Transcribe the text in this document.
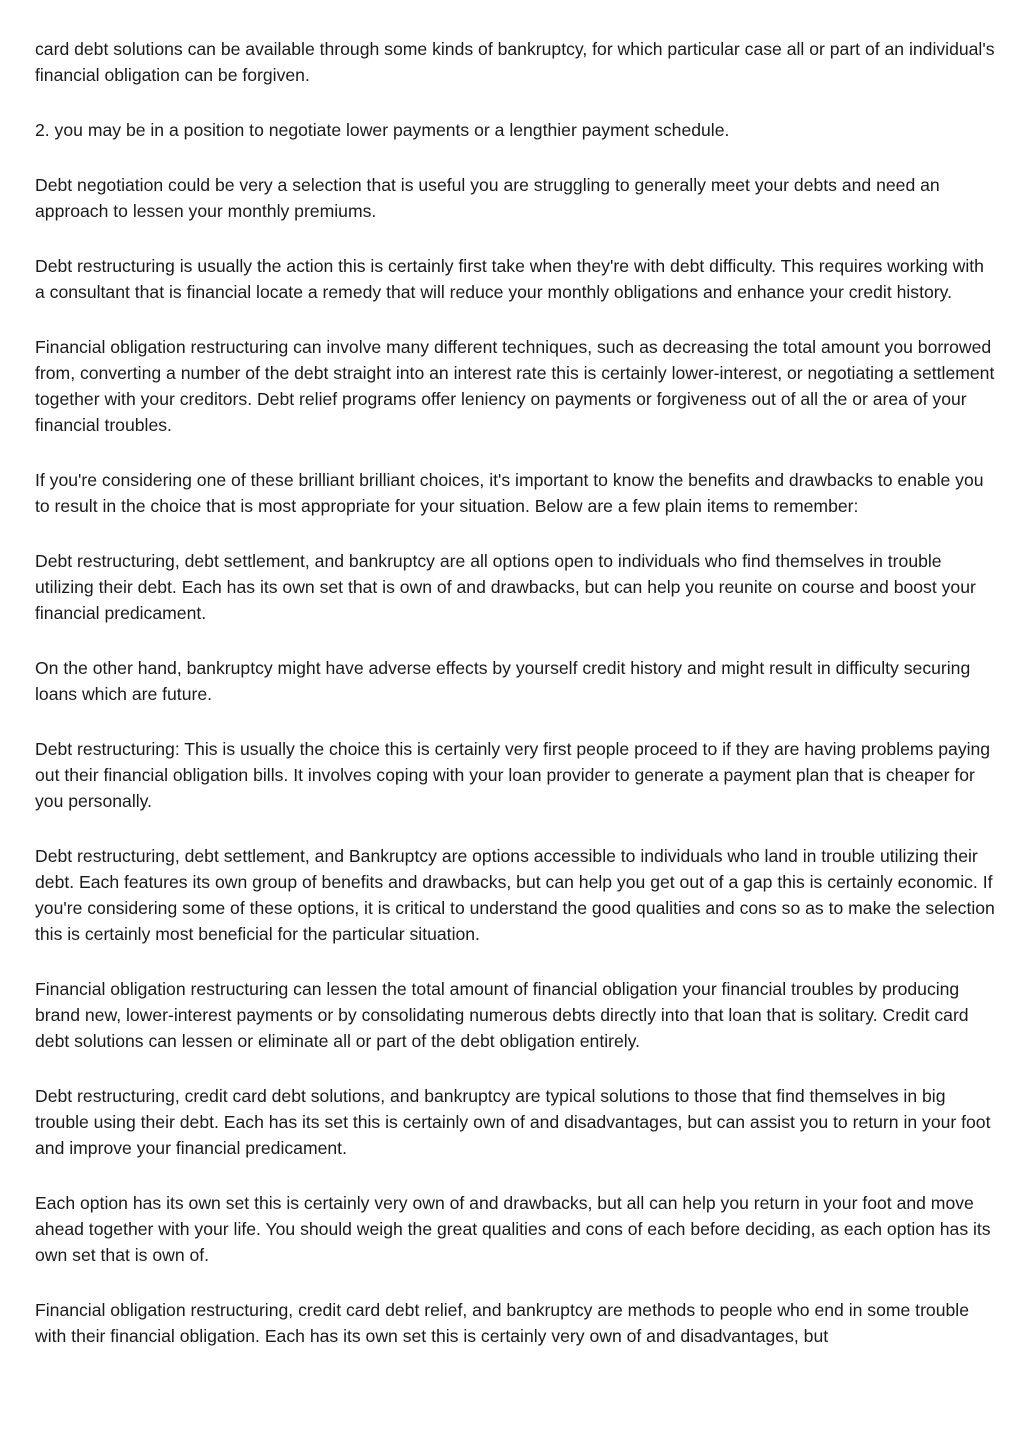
card debt solutions can be available through some kinds of bankruptcy, for which particular case all or part of an individual's financial obligation can be forgiven.

2. you may be in a position to negotiate lower payments or a lengthier payment schedule.

Debt negotiation could be very a selection that is useful you are struggling to generally meet your debts and need an approach to lessen your monthly premiums.

Debt restructuring is usually the action this is certainly first take when they're with debt difficulty. This requires working with a consultant that is financial locate a remedy that will reduce your monthly obligations and enhance your credit history.

Financial obligation restructuring can involve many different techniques, such as decreasing the total amount you borrowed from, converting a number of the debt straight into an interest rate this is certainly lower-interest, or negotiating a settlement together with your creditors. Debt relief programs offer leniency on payments or forgiveness out of all the or area of your financial troubles.

If you're considering one of these brilliant brilliant choices, it's important to know the benefits and drawbacks to enable you to result in the choice that is most appropriate for your situation. Below are a few plain items to remember:

Debt restructuring, debt settlement, and bankruptcy are all options open to individuals who find themselves in trouble utilizing their debt. Each has its own set that is own of and drawbacks, but can help you reunite on course and boost your financial predicament.

On the other hand, bankruptcy might have adverse effects by yourself credit history and might result in difficulty securing loans which are future.

Debt restructuring: This is usually the choice this is certainly very first people proceed to if they are having problems paying out their financial obligation bills. It involves coping with your loan provider to generate a payment plan that is cheaper for you personally.

Debt restructuring, debt settlement, and Bankruptcy are options accessible to individuals who land in trouble utilizing their debt. Each features its own group of benefits and drawbacks, but can help you get out of a gap this is certainly economic. If you're considering some of these options, it is critical to understand the good qualities and cons so as to make the selection this is certainly most beneficial for the particular situation.

Financial obligation restructuring can lessen the total amount of financial obligation your financial troubles by producing brand new, lower-interest payments or by consolidating numerous debts directly into that loan that is solitary. Credit card debt solutions can lessen or eliminate all or part of the debt obligation entirely.

Debt restructuring, credit card debt solutions, and bankruptcy are typical solutions to those that find themselves in big trouble using their debt. Each has its set this is certainly own of and disadvantages, but can assist you to return in your foot and improve your financial predicament.

Each option has its own set this is certainly very own of and drawbacks, but all can help you return in your foot and move ahead together with your life. You should weigh the great qualities and cons of each before deciding, as each option has its own set that is own of.

Financial obligation restructuring, credit card debt relief, and bankruptcy are methods to people who end in some trouble with their financial obligation. Each has its own set this is certainly very own of and disadvantages, but
